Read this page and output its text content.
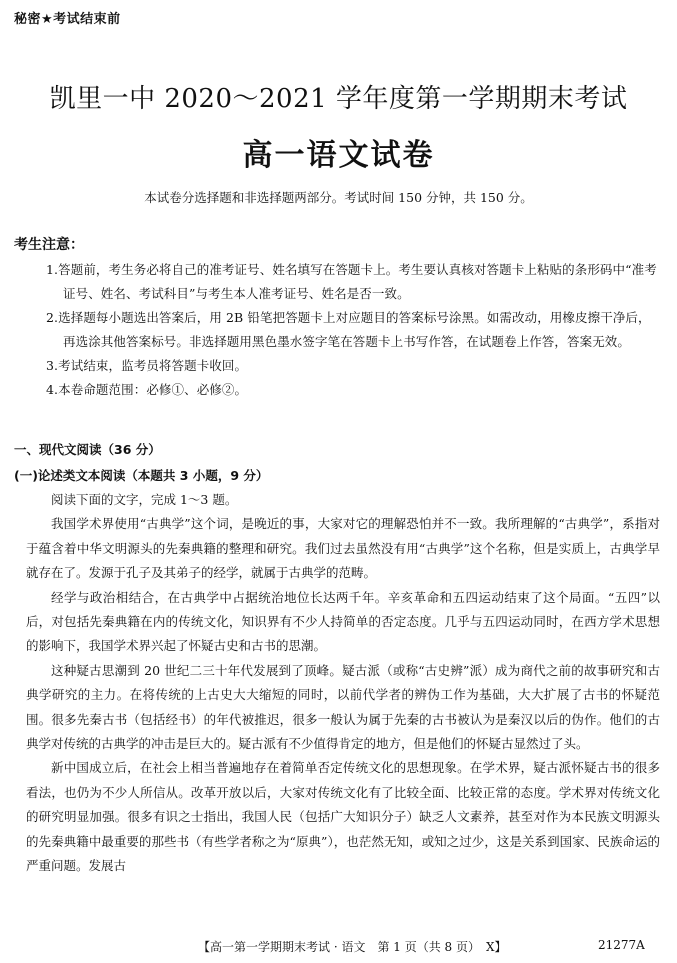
秘密★考试结束前
凯里一中 2020～2021 学年度第一学期期末考试
高一语文试卷
本试卷分选择题和非选择题两部分。考试时间 150 分钟，共 150 分。
考生注意：

1.答题前，考生务必将自己的准考证号、姓名填写在答题卡上。考生要认真核对答题卡上粘贴的条形码中“准考证号、姓名、考试科目”与考生本人准考证号、姓名是否一致。

2.选择题每小题选出答案后，用 2B 铅笔把答题卡上对应题目的答案标号涂黑。如需改动，用橡皮擦干净后，再选涂其他答案标号。非选择题用黑色墨水签字笔在答题卡上书写作答，在试题卷上作答，答案无效。

3.考试结束，监考员将答题卡收回。

4.本卷命题范围：必修①、必修②。

一、现代文阅读（36 分）
(一)论述类文本阅读（本题共 3 小题，9 分）

阅读下面的文字，完成 1～3 题。

我国学术界使用“古典学”这个词，是晚近的事，大家对它的理解恐怕并不一致。我所理解的“古典学”，系指对于蕴含着中华文明源头的先秦典籍的整理和研究。我们过去虽然没有用“古典学”这个名称，但是实质上，古典学早就存在了。发源于孔子及其弟子的经学，就属于古典学的范畴。

经学与政治相结合，在古典学中占据统治地位长达两千年。辛亥革命和五四运动结束了这个局面。“五四”以后，对包括先秦典籍在内的传统文化，知识界有不少人持简单的否定态度。几乎与五四运动同时，在西方学术思想的影响下，我国学术界兴起了怀疑古史和古书的思潮。

这种疑古思潮到 20 世纪二三十年代发展到了顶峰。疑古派（或称“古史辨”派）成为商代之前的故事研究和古典学研究的主力。在将传统的上古史大大缩短的同时，以前代学者的辨伪工作为基础，大大扩展了古书的怀疑范围。很多先秦古书（包括经书）的年代被推迟，很多一般认为属于先秦的古书被认为是秦汉以后的伪作。他们的古典学对传统的古典学的冲击是巨大的。疑古派有不少值得肯定的地方，但是他们的怀疑古显然过了头。

新中国成立后，在社会上相当普遍地存在着简单否定传统文化的思想现象。在学术界，疑古派怀疑古书的很多看法，也仍为不少人所信从。改革开放以后，大家对传统文化有了比较全面、比较正常的态度。学术界对传统文化的研究明显加强。很多有识之士指出，我国人民（包括广大知识分子）缺乏人文素养，甚至对作为本民族文明源头的先秦典籍中最重要的那些书（有些学者称之为“原典”），也茫然无知，或知之过少，这是关系到国家、民族命运的严重问题。发展古

【高一第一学期期末考试 · 语文　第 1 页（共 8 页）　X】	21277A
